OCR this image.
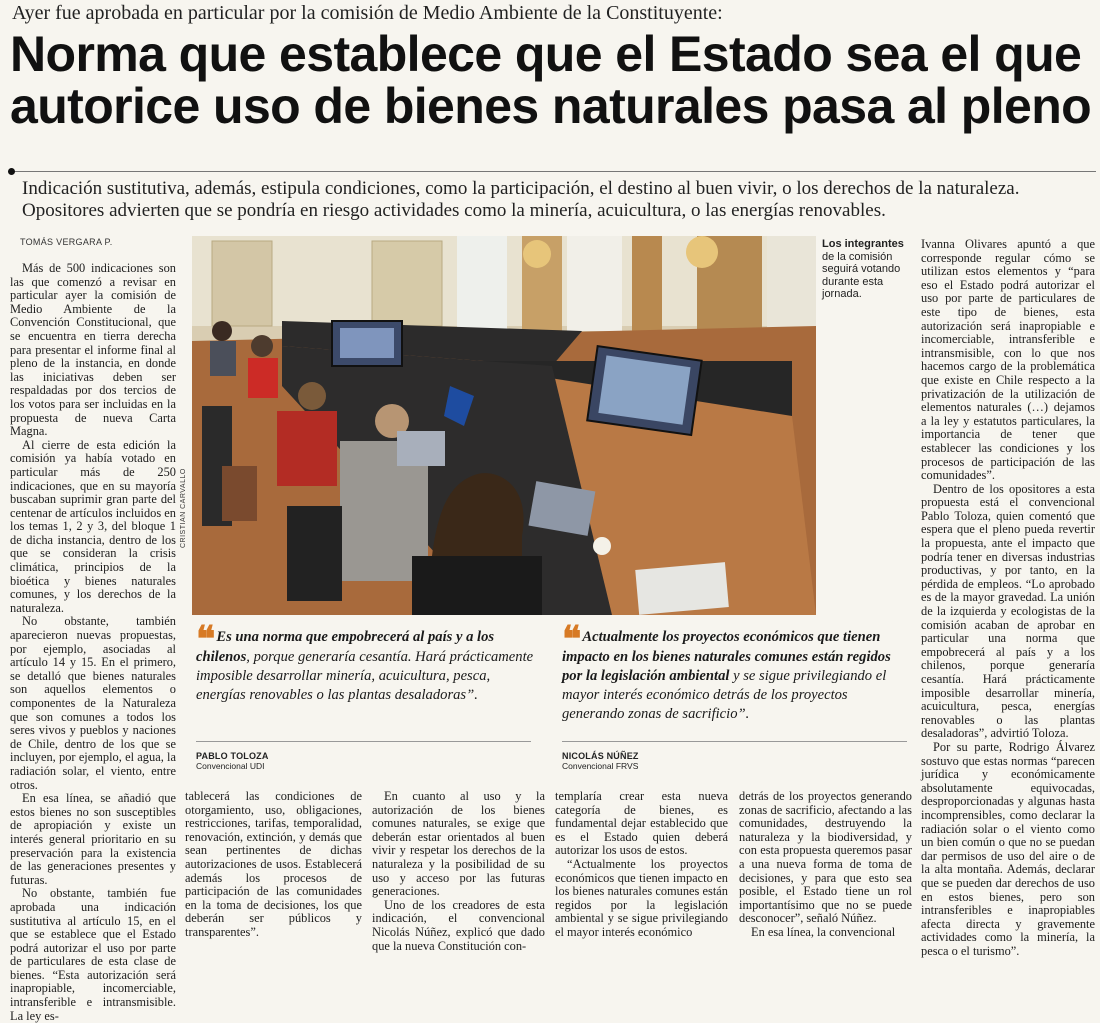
Ayer fue aprobada en particular por la comisión de Medio Ambiente de la Constituyente:
Norma que establece que el Estado sea el que autorice uso de bienes naturales pasa al pleno
Indicación sustitutiva, además, estipula condiciones, como la participación, el destino al buen vivir, o los derechos de la naturaleza.
Opositores advierten que se pondría en riesgo actividades como la minería, acuicultura, o las energías renovables.
TOMÁS VERGARA P.

Más de 500 indicaciones son las que comenzó a revisar en particular ayer la comisión de Medio Ambiente de la Convención Constitucional, que se encuentra en tierra derecha para presentar el informe final al pleno de la instancia, en donde las iniciativas deben ser respaldadas por dos tercios de los votos para ser incluidas en la propuesta de nueva Carta Magna.

Al cierre de esta edición la comisión ya había votado en particular más de 250 indicaciones, que en su mayoría buscaban suprimir gran parte del centenar de artículos incluidos en los temas 1, 2 y 3, del bloque 1 de dicha instancia, dentro de los que se consideran la crisis climática, principios de la bioética y bienes naturales comunes, y los derechos de la naturaleza.

No obstante, también aparecieron nuevas propuestas, por ejemplo, asociadas al artículo 14 y 15. En el primero, se detalló que bienes naturales son aquellos elementos o componentes de la Naturaleza que son comunes a todos los seres vivos y pueblos y naciones de Chile, dentro de los que se incluyen, por ejemplo, el agua, la radiación solar, el viento, entre otros.

En esa línea, se añadió que estos bienes no son susceptibles de apropiación y existe un interés general prioritario en su preservación para la existencia de las generaciones presentes y futuras.

No obstante, también fue aprobada una indicación sustitutiva al artículo 15, en el que se establece que el Estado podrá autorizar el uso por parte de particulares de esta clase de bienes. “Esta autorización será inapropiable, incomerciable, intransferible e intransmisible. La ley es-

CRISTIAN CARVALLO
Los integrantes de la comisión seguirá votando durante esta jornada.
❝ Es una norma que empobrecerá al país y a los chilenos, porque generaría cesantía. Hará prácticamente imposible desarrollar minería, acuicultura, pesca, energías renovables o las plantas desaladoras”.
PABLO TOLOZA
Convencional UDI
❝ Actualmente los proyectos económicos que tienen impacto en los bienes naturales comunes están regidos por la legislación ambiental y se sigue privilegiando el mayor interés económico detrás de los proyectos generando zonas de sacrificio”.
NICOLÁS NÚÑEZ
Convencional FRVS

tablecerá las condiciones de otorgamiento, uso, obligaciones, restricciones, tarifas, temporalidad, renovación, extinción, y demás que sean pertinentes de dichas autorizaciones de usos. Establecerá además los procesos de participación de las comunidades en la toma de decisiones, los que deberán ser públicos y transparentes”.

En cuanto al uso y la autorización de los bienes comunes naturales, se exige que deberán estar orientados al buen vivir y respetar los derechos de la naturaleza y la posibilidad de su uso y acceso por las futuras generaciones.

Uno de los creadores de esta indicación, el convencional Nicolás Núñez, explicó que dado que la nueva Constitución con-

templaría crear esta nueva categoría de bienes, es fundamental dejar establecido que es el Estado quien deberá autorizar los usos de estos.

“Actualmente los proyectos económicos que tienen impacto en los bienes naturales comunes están regidos por la legislación ambiental y se sigue privilegiando el mayor interés económico

detrás de los proyectos generando zonas de sacrificio, afectando a las comunidades, destruyendo la naturaleza y la biodiversidad, y con esta propuesta queremos pasar a una nueva forma de toma de decisiones, y para que esto sea posible, el Estado tiene un rol importantísimo que no se puede desconocer”, señaló Núñez.

En esa línea, la convencional

Ivanna Olivares apuntó a que corresponde regular cómo se utilizan estos elementos y “para eso el Estado podrá autorizar el uso por parte de particulares de este tipo de bienes, esta autorización será inapropiable e incomerciable, intransferible e intransmisible, con lo que nos hacemos cargo de la problemática que existe en Chile respecto a la privatización de la utilización de elementos naturales (…) dejamos a la ley y estatutos particulares, la importancia de tener que establecer las condiciones y los procesos de participación de las comunidades”.

Dentro de los opositores a esta propuesta está el convencional Pablo Toloza, quien comentó que espera que el pleno pueda revertir la propuesta, ante el impacto que podría tener en diversas industrias productivas, y por tanto, en la pérdida de empleos. “Lo aprobado es de la mayor gravedad. La unión de la izquierda y ecologistas de la comisión acaban de aprobar en particular una norma que empobrecerá al país y a los chilenos, porque generaría cesantía. Hará prácticamente imposible desarrollar minería, acuicultura, pesca, energías renovables o las plantas desaladoras”, advirtió Toloza.

Por su parte, Rodrigo Álvarez sostuvo que estas normas “parecen jurídica y económicamente absolutamente equivocadas, desproporcionadas y algunas hasta incomprensibles, como declarar la radiación solar o el viento como un bien común o que no se puedan dar permisos de uso del aire o de la alta montaña. Además, declarar que se pueden dar derechos de uso en estos bienes, pero son intransferibles e inapropiables afecta directa y gravemente actividades como la minería, la pesca o el turismo”.
